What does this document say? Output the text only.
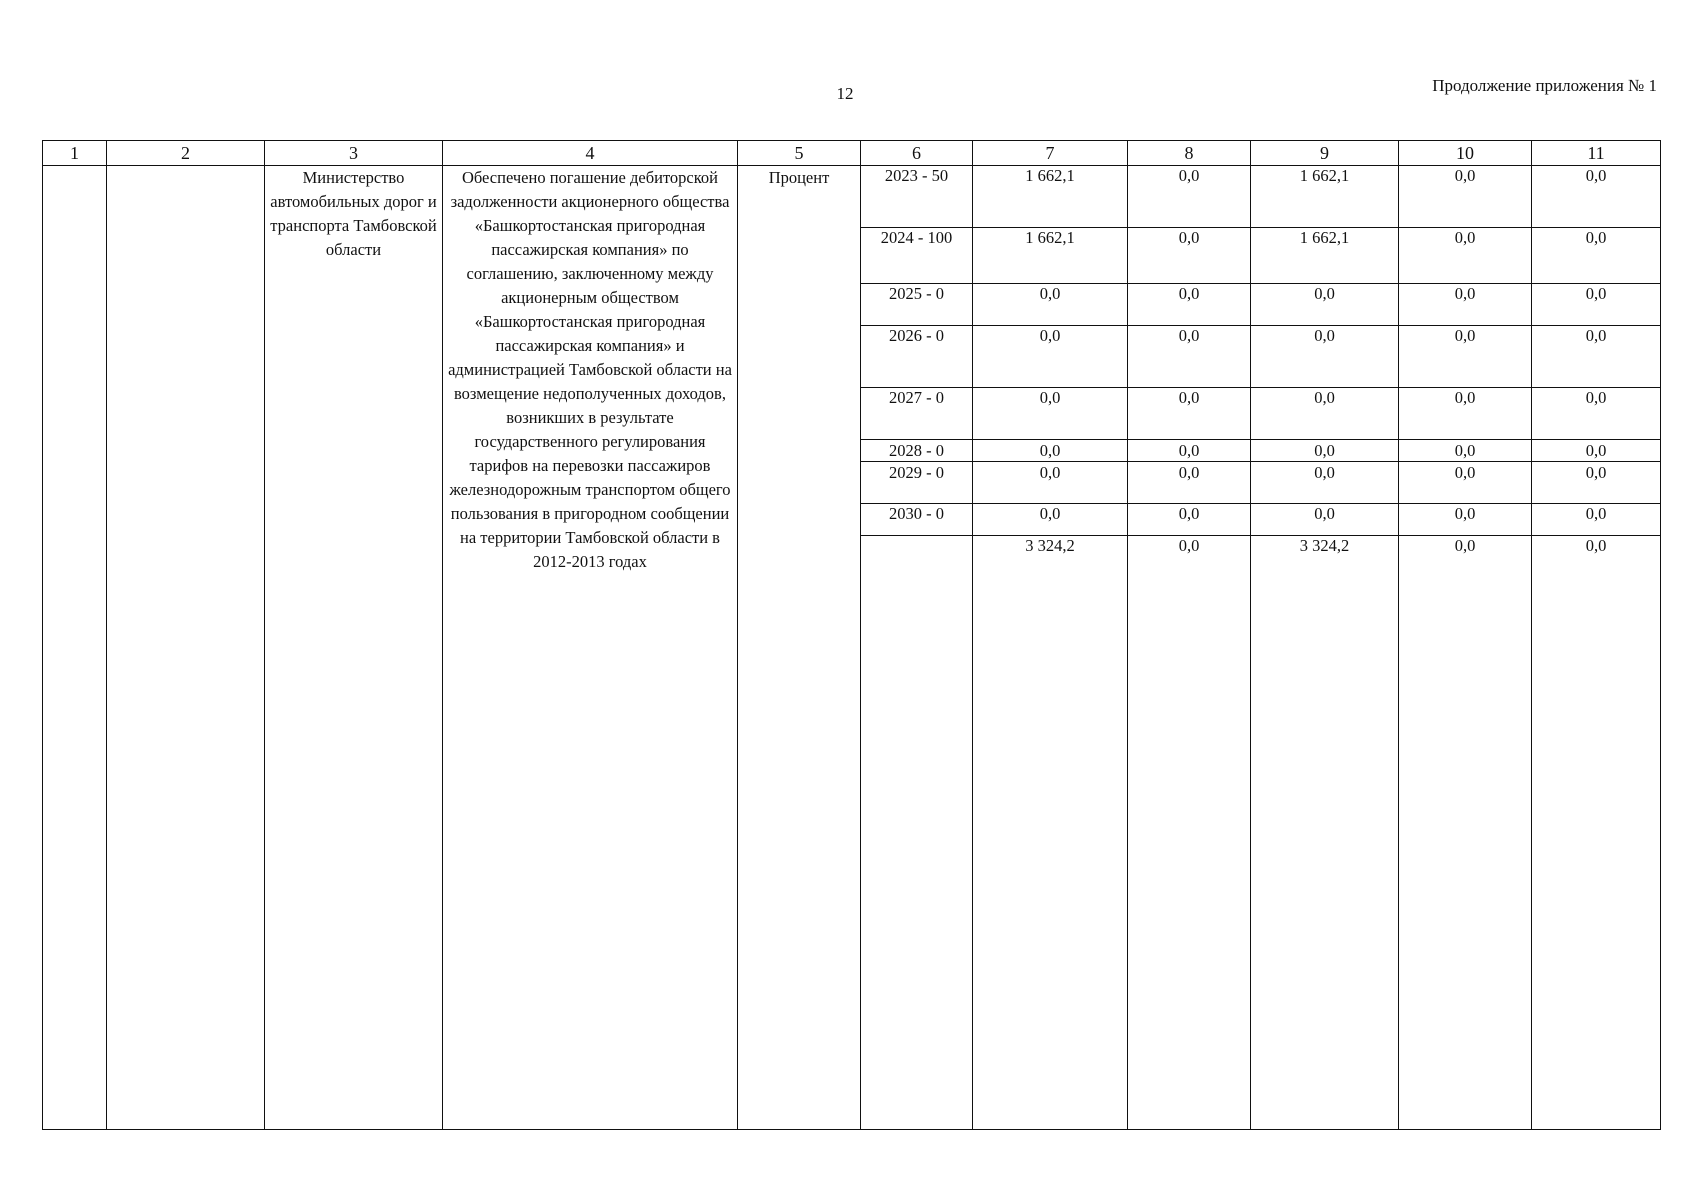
12	Продолжение приложения № 1
1	2	3	4	5	6	7	8	9	10	11
		Министерство автомобильных дорог и транспорта Тамбовской области	Обеспечено погашение дебиторской задолженности акционерного общества «Башкортостанская пригородная пассажирская компания» по соглашению, заключенному между акционерным обществом «Башкортостанская пригородная пассажирская компания» и администрацией Тамбовской области на возмещение недополученных доходов, возникших в результате государственного регулирования тарифов на перевозки пассажиров железнодорожным транспортом общего пользования в пригородном сообщении на территории Тамбовской области в 2012-2013 годах	Процент	2023 - 50	1 662,1	0,0	1 662,1	0,0	0,0
					2024 - 100	1 662,1	0,0	1 662,1	0,0	0,0
					2025 - 0	0,0	0,0	0,0	0,0	0,0
					2026 - 0	0,0	0,0	0,0	0,0	0,0
					2027 - 0	0,0	0,0	0,0	0,0	0,0
					2028 - 0	0,0	0,0	0,0	0,0	0,0
					2029 - 0	0,0	0,0	0,0	0,0	0,0
					2030 - 0	0,0	0,0	0,0	0,0	0,0
						3 324,2	0,0	3 324,2	0,0	0,0
